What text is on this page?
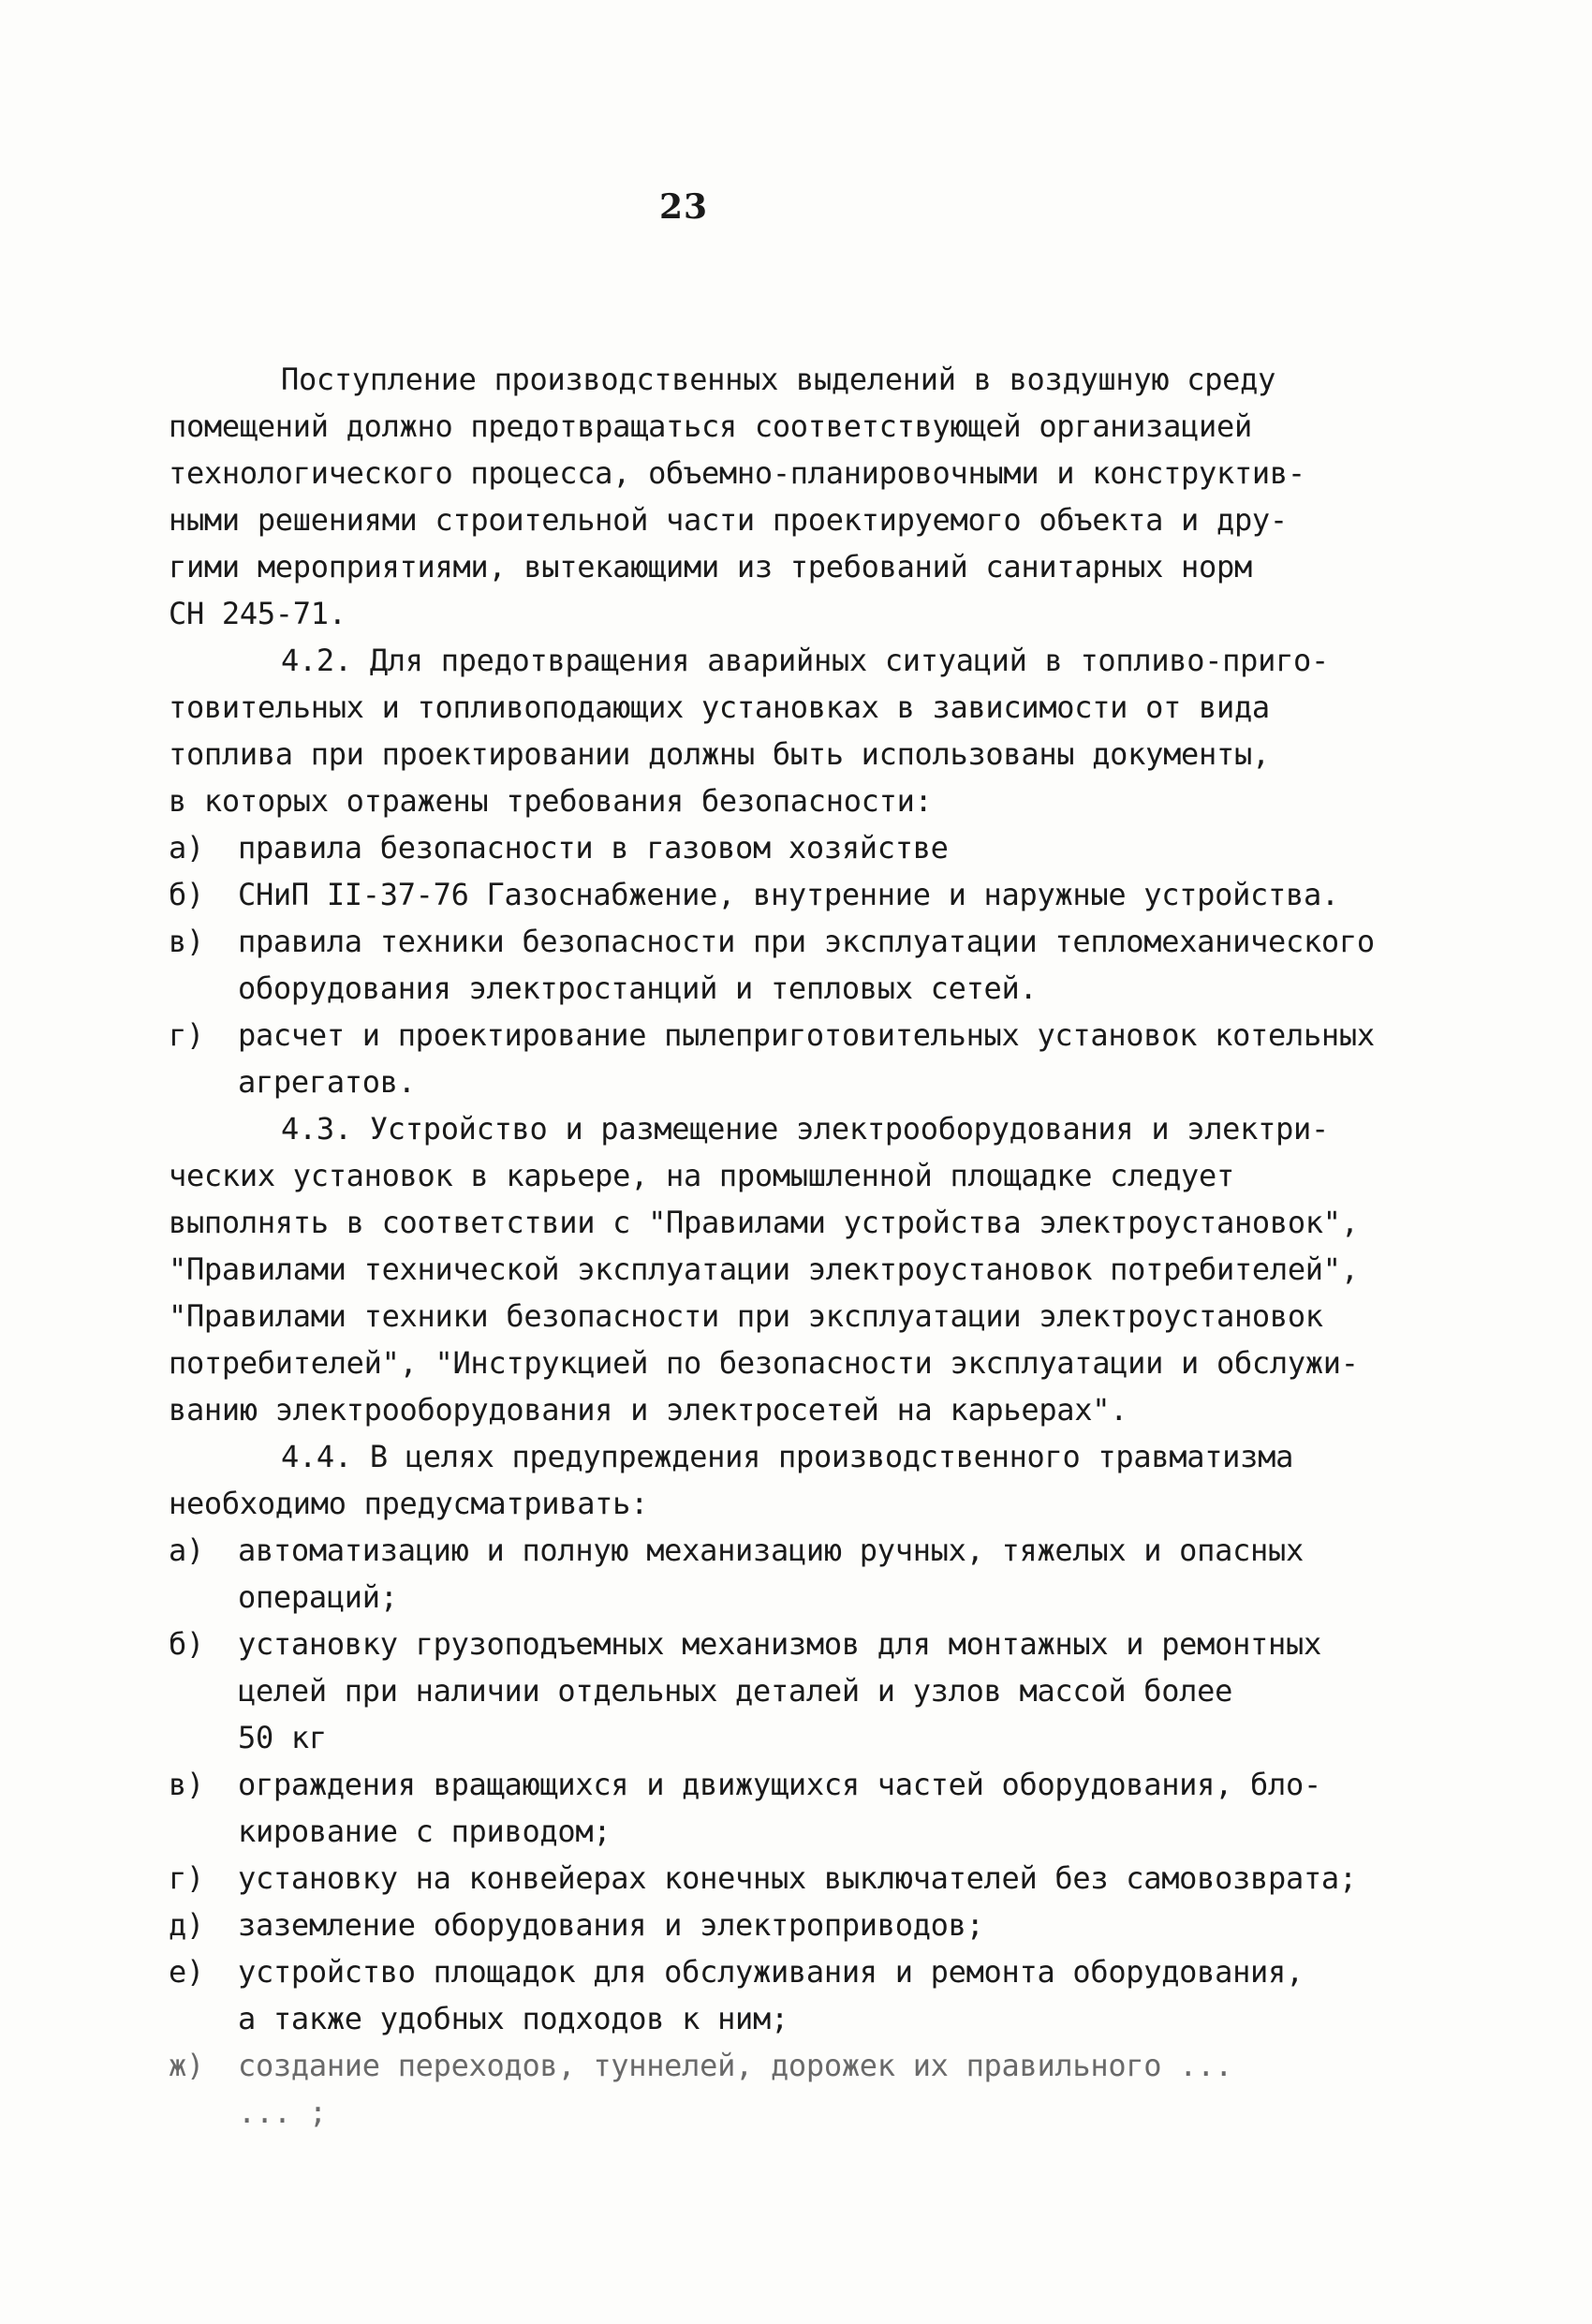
23
Поступление производственных выделений в воздушную среду
помещений должно предотвращаться соответствующей организацией
технологического процесса, объемно-планировочными и конструктив-
ными решениями строительной части проектируемого объекта и дру-
гими мероприятиями, вытекающими из требований санитарных норм
СН 245-71.
4.2. Для предотвращения аварийных ситуаций в топливо-приго-
товительных и топливоподающих установках в зависимости от вида
топлива при проектировании должны быть использованы документы,
в которых отражены требования безопасности:
а)	правила безопасности в газовом хозяйстве
б)	СНиП II-37-76 Газоснабжение, внутренние и наружные устройства.
в)	правила техники безопасности при эксплуатации тепломеханического
оборудования электростанций и тепловых сетей.
г)	расчет и проектирование пылеприготовительных установок котельных
агрегатов.
4.3. Устройство и размещение электрооборудования и электри-
ческих установок в карьере, на промышленной площадке следует
выполнять в соответствии с "Правилами устройства электроустановок",
"Правилами технической эксплуатации электроустановок потребителей",
"Правилами техники безопасности при эксплуатации электроустановок
потребителей", "Инструкцией по безопасности эксплуатации и обслужи-
ванию электрооборудования и электросетей на карьерах".
4.4. В целях предупреждения производственного травматизма
необходимо предусматривать:
а)	автоматизацию и полную механизацию ручных, тяжелых и опасных
операций;
б)	установку грузоподъемных механизмов для монтажных и ремонтных
целей при наличии отдельных деталей и узлов массой более
50 кг
в)	ограждения вращающихся и движущихся частей оборудования, бло-
кирование с приводом;
г)	установку на конвейерах конечных выключателей без самовозврата;
д)	заземление оборудования и электроприводов;
е)	устройство площадок для обслуживания и ремонта оборудования,
а также удобных подходов к ним;
ж)	создание переходов, туннелей, дорожек их правильного ...
... ;
